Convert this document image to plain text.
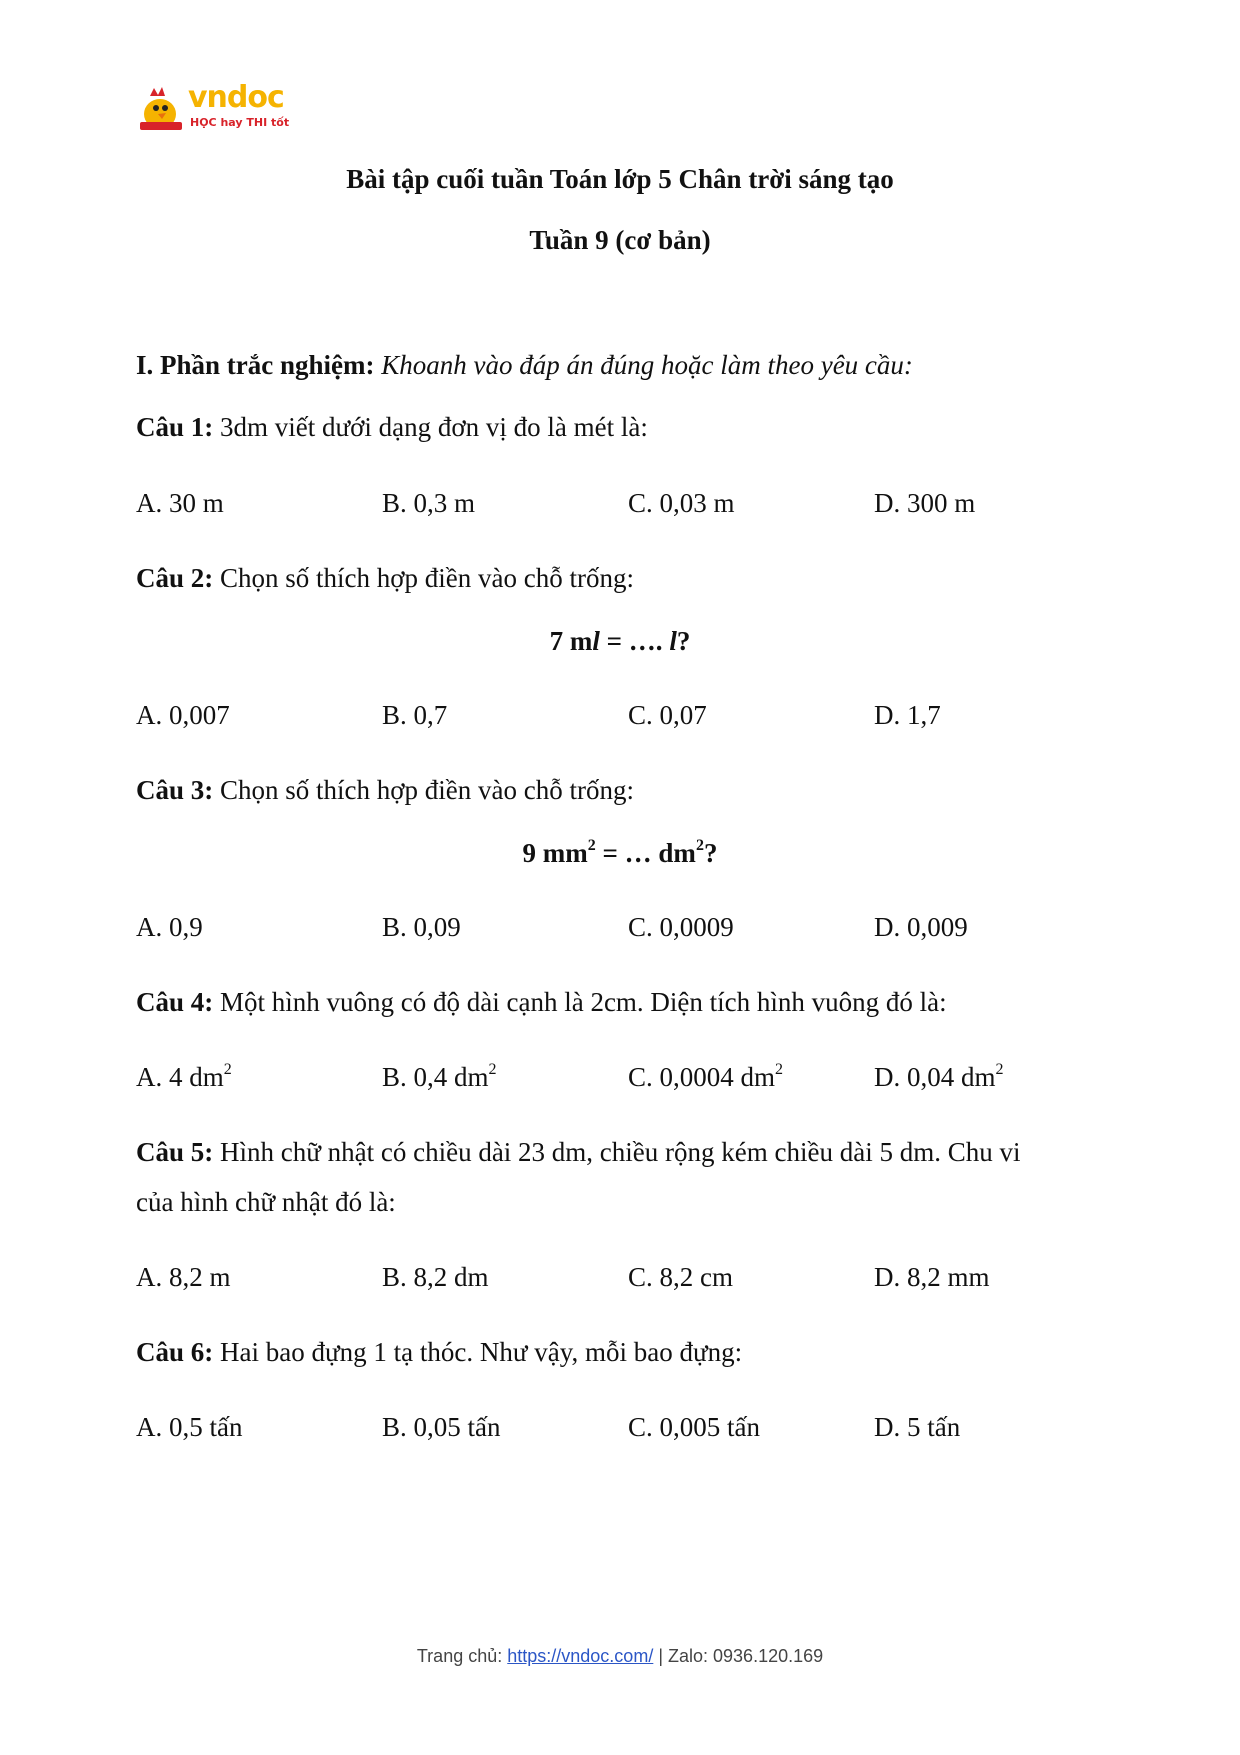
vndoc
HỌC hay THI tốt
Bài tập cuối tuần Toán lớp 5 Chân trời sáng tạo
Tuần 9 (cơ bản)
I. Phần trắc nghiệm: Khoanh vào đáp án đúng hoặc làm theo yêu cầu:
Câu 1: 3dm viết dưới dạng đơn vị đo là mét là:
A. 30 m	B. 0,3 m	C. 0,03 m	D. 300 m
Câu 2: Chọn số thích hợp điền vào chỗ trống:
7 ml = …. l?
A. 0,007	B. 0,7	C. 0,07	D. 1,7
Câu 3: Chọn số thích hợp điền vào chỗ trống:
9 $mm^2$ = … $dm^2$?
A. 0,9	B. 0,09	C. 0,0009	D. 0,009
Câu 4: Một hình vuông có độ dài cạnh là 2cm. Diện tích hình vuông đó là:
A. 4 $dm^2$	B. 0,4 $dm^2$	C. 0,0004 $dm^2$	D. 0,04 $dm^2$
Câu 5: Hình chữ nhật có chiều dài 23 dm, chiều rộng kém chiều dài 5 dm. Chu vi
của hình chữ nhật đó là:
A. 8,2 m	B. 8,2 dm	C. 8,2 cm	D. 8,2 mm
Câu 6: Hai bao đựng 1 tạ thóc. Như vậy, mỗi bao đựng:
A. 0,5 tấn	B. 0,05 tấn	C. 0,005 tấn	D. 5 tấn
Trang chủ: https://vndoc.com/ | Zalo: 0936.120.169
